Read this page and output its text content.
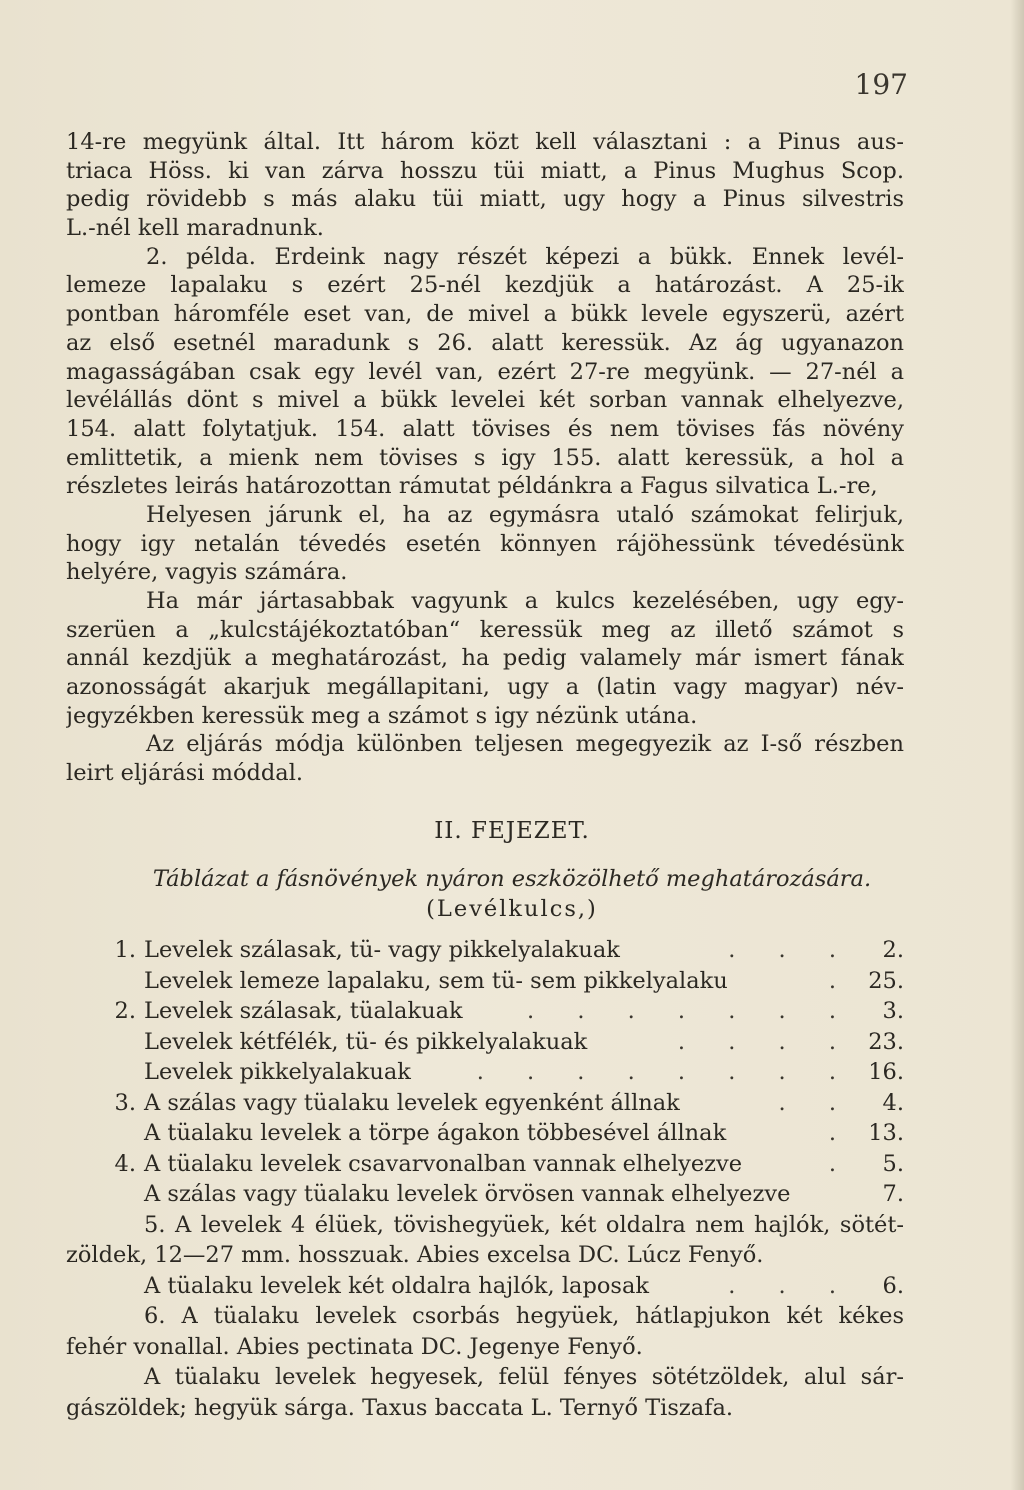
197
14-re megyünk által. Itt három közt kell választani : a Pinus aus-
triaca Höss. ki van zárva hosszu tüi miatt, a Pinus Mughus Scop.
pedig rövidebb s más alaku tüi miatt, ugy hogy a Pinus silvestris
L.-nél kell maradnunk.
2. példa. Erdeink nagy részét képezi a bükk. Ennek levél-
lemeze lapalaku s ezért 25-nél kezdjük a határozást. A 25-ik
pontban háromféle eset van, de mivel a bükk levele egyszerü, azért
az első esetnél maradunk s 26. alatt keressük. Az ág ugyanazon
magasságában csak egy levél van, ezért 27-re megyünk. — 27-nél a
levélállás dönt s mivel a bükk levelei két sorban vannak elhelyezve,
154. alatt folytatjuk. 154. alatt tövises és nem tövises fás növény
emlittetik, a mienk nem tövises s igy 155. alatt keressük, a hol a
részletes leirás határozottan rámutat példánkra a Fagus silvatica L.-re,
Helyesen járunk el, ha az egymásra utaló számokat felirjuk,
hogy igy netalán tévedés esetén könnyen rájöhessünk tévedésünk
helyére, vagyis számára.
Ha már jártasabbak vagyunk a kulcs kezelésében, ugy egy-
szerüen a „kulcstájékoztatóban“ keressük meg az illető számot s
annál kezdjük a meghatározást, ha pedig valamely már ismert fának
azonosságát akarjuk megállapitani, ugy a (latin vagy magyar) név-
jegyzékben keressük meg a számot s igy nézünk utána.
Az eljárás módja különben teljesen megegyezik az I-ső részben
leirt eljárási móddal.
II. FEJEZET.
Táblázat a fásnövények nyáron eszközölhető meghatározására.
(Levélkulcs,)
1. Levelek szálasak, tü- vagy pikkelyalakuak	. . .	2.
Levelek lemeze lapalaku, sem tü- sem pikkelyalaku	. 25.
2. Levelek szálasak, tüalakuak	. . . . . . .	3.
Levelek kétfélék, tü- és pikkelyalakuak	. . . . 23.
Levelek pikkelyalakuak	. . . . . . . . 16.
3. A szálas vagy tüalaku levelek egyenként állnak	. .	4.
A tüalaku levelek a törpe ágakon többesével állnak	. 13.
4. A tüalaku levelek csavarvonalban vannak elhelyezve	.	5.
A szálas vagy tüalaku levelek örvösen vannak elhelyezve	7.
5. A levelek 4 élüek, tövishegyüek, két oldalra nem hajlók, sötét-
zöldek, 12—27 mm. hosszuak. Abies excelsa DC. Lúcz Fenyő.
A tüalaku levelek két oldalra hajlók, laposak	. . .	6.
6. A tüalaku levelek csorbás hegyüek, hátlapjukon két kékes
fehér vonallal. Abies pectinata DC. Jegenye Fenyő.
A tüalaku levelek hegyesek, felül fényes sötétzöldek, alul sár-
gászöldek; hegyük sárga. Taxus baccata L. Ternyő Tiszafa.
